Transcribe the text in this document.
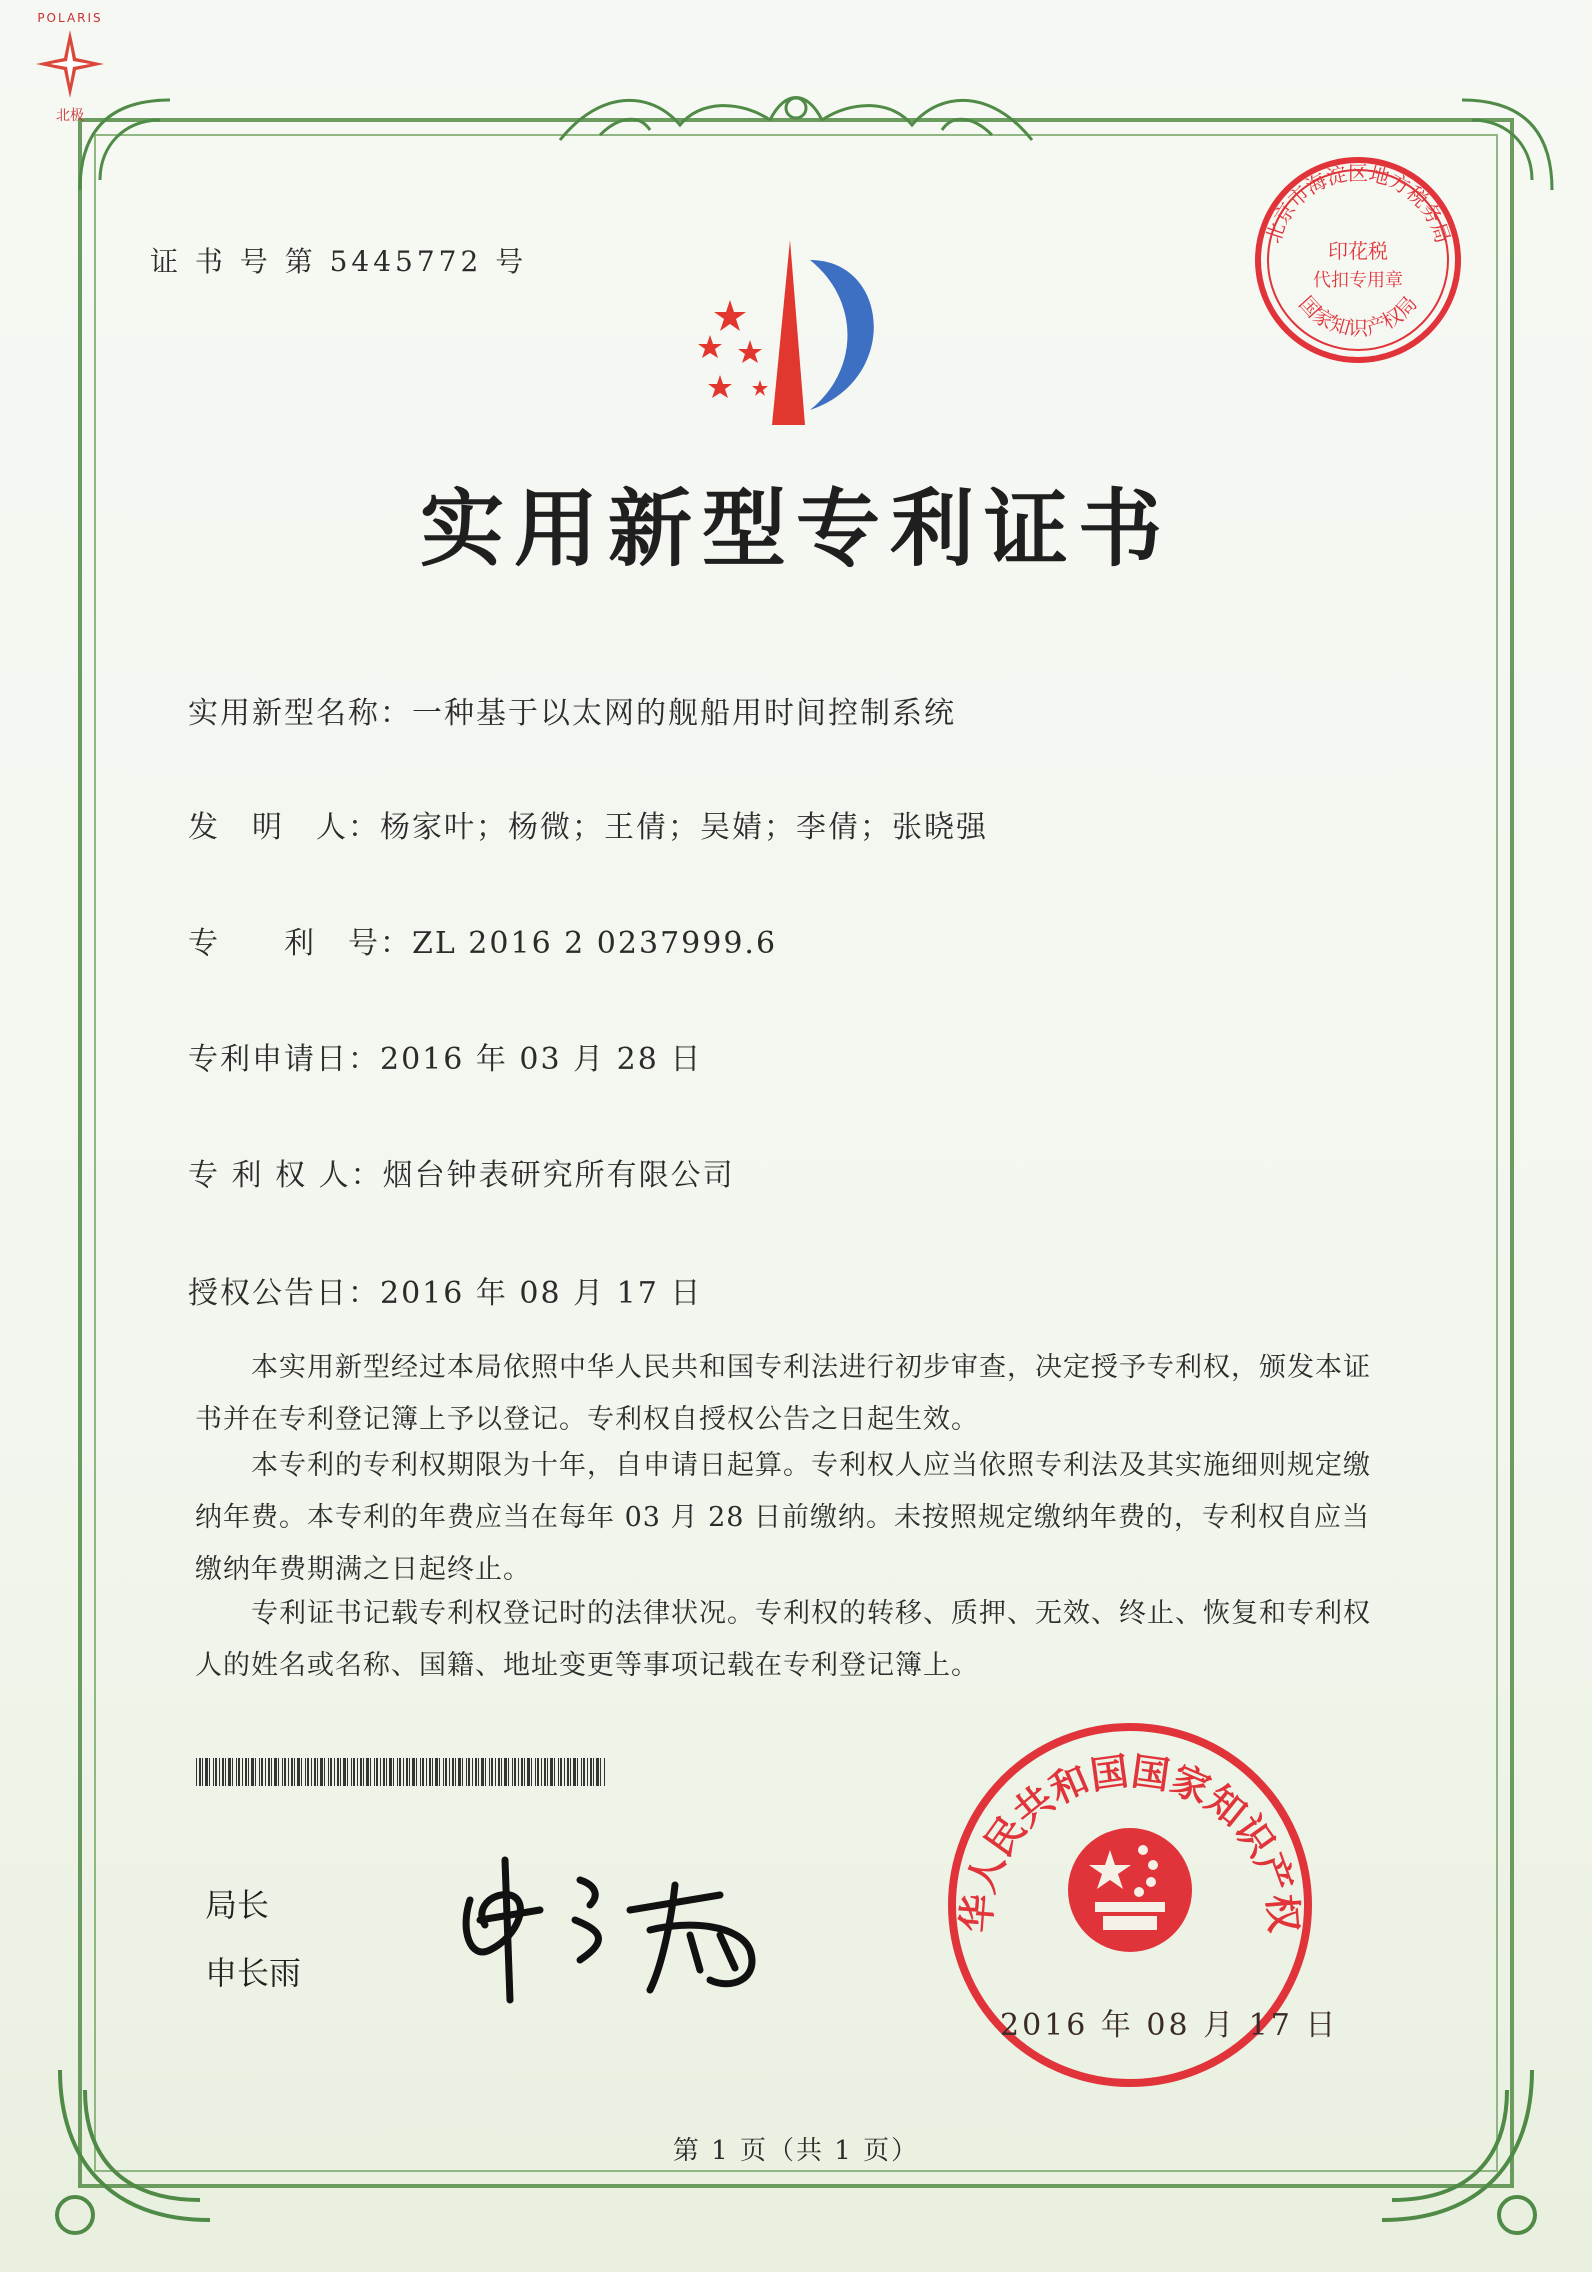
POLARIS
北极
证 书 号 第 5445772 号
北京市海淀区地方税务局
印花税
代扣专用章
国家知识产权局
实用新型专利证书
实用新型名称：一种基于以太网的舰船用时间控制系统
发　明　人：杨家叶；杨微；王倩；吴婧；李倩；张晓强
专　　利　号：ZL 2016 2 0237999.6
专利申请日：2016 年 03 月 28 日
专 利 权 人：烟台钟表研究所有限公司
授权公告日：2016 年 08 月 17 日
本实用新型经过本局依照中华人民共和国专利法进行初步审查，决定授予专利权，颁发本证书并在专利登记簿上予以登记。专利权自授权公告之日起生效。
本专利的专利权期限为十年，自申请日起算。专利权人应当依照专利法及其实施细则规定缴纳年费。本专利的年费应当在每年 03 月 28 日前缴纳。未按照规定缴纳年费的，专利权自应当缴纳年费期满之日起终止。
专利证书记载专利权登记时的法律状况。专利权的转移、质押、无效、终止、恢复和专利权人的姓名或名称、国籍、地址变更等事项记载在专利登记簿上。
局长
申长雨
华人民共和国国家知识产权
2016 年 08 月 17 日
第 1 页（共 1 页）
